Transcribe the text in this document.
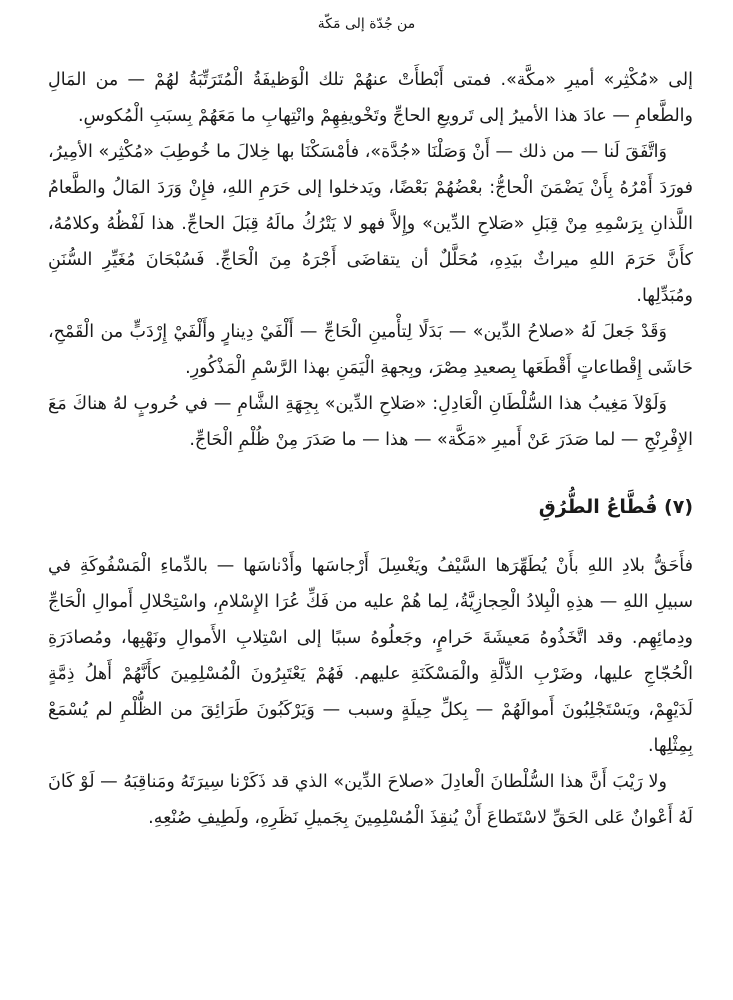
من جُدّة إلى مَكّة

إلى «مُكْثِر» أميرِ «مكَّة». فمتى أَبْطأَتْ عنهُمْ تلك الْوَظيفَةُ الْمُتَرَتِّبَةُ لهُمْ — من المَالِ والطَّعامِ — عادَ هذا الأميرُ إلى تَرويعِ الحاجِّ وتَخْويفِهِمْ وانْتِهابِ ما مَعَهُمْ بِسبَبِ الْمُكوسِ.

وَاتَّفَقَ لَنا — من ذلك — أَنْ وَصَلْنَا «جُدَّة»، فأمْسَكْنَا بها خِلالَ ما خُوطِبَ «مُكْثِر» الأمِيرُ، فورَدَ أَمْرُهُ بِأَنْ يَضْمَنَ الْحاجُّ: بعْضُهُمْ بَعْضًا، ويَدخلوا إلى حَرَمِ اللهِ، فإِنْ وَرَدَ المَالُ والطَّعامُ اللَّذانِ بِرَسْمِهِ مِنْ قِبَلِ «صَلاحِ الدِّين» وإِلاَّ فهو لا يَتْرُكُ مالَهُ قِبَلَ الحاجِّ. هذا لَفْظُهُ وكلامُهُ، كأَنَّ حَرَمَ اللهِ ميراثٌ بيَدِهِ، مُحَلَّلٌ أن يتقاضَى أَجْرَهُ مِنَ الْحَاجِّ. فَسُبْحَانَ مُغَيِّرِ السُّنَنِ ومُبَدِّلِها.

وَقَدْ جَعلَ لَهُ «صلاحُ الدِّين» — بَدَلًا لِتأْمينِ الْحَاجِّ — أَلْفَيْ دِينارٍ وأَلْفَيْ إِرْدَبٍّ من الْقَمْحِ، حَاشَى إِقْطاعاتٍ أَقْطَعَها بِصعيدِ مِصْرَ، وبِجهةِ الْيَمَنِ بهذا الرَّسْمِ الْمَذْكُورِ.

وَلَوْلاَ مَغِيبُ هذا السُّلْطَانِ الْعَادِلِ: «صَلاحِ الدِّين» بِجِهَةِ الشَّامِ — في حُروبٍ لهُ هناكَ مَعَ الإِفْرِنْجِ — لما صَدَرَ عَنْ أَميرِ «مَكَّة» — هذا — ما صَدَرَ مِنْ ظُلْمِ الْحَاجِّ.

(٧) قُطَّاعُ الطُّرُقِ

فأَحَقُّ بلادِ اللهِ بأَنْ يُطَهِّرَها السَّيْفُ ويَغْسِلَ أَرْجاسَها وأَدْناسَها — بالدِّماءِ الْمَسْفُوكَةِ في سبيلِ اللهِ — هذِهِ الْبِلادُ الْحِجازِيَّةُ، لِما هُمْ عليه من فَكِّ عُرَا الإِسْلامِ، واسْتِحْلالِ أَموالِ الْحَاجِّ ودِمائِهِم. وقد اتَّخَذُوهُ مَعيشَةَ حَرامٍ، وجَعلُوهُ سببًا إلى اسْتِلابِ الأَموالِ ونَهْبِها، ومُصادَرَةِ الْحُجّاجِ عليها، وضَرْبِ الذِّلَّةِ والْمَسْكَنَةِ عليهم. فَهُمْ يَعْتَبِرُونَ الْمُسْلِمِينَ كأَنَّهُمْ أَهلُ ذِمَّةٍ لَدَيْهِمْ، ويَسْتَجْلِبُونَ أَموالَهُمْ — بِكلِّ حِيلَةٍ وسبب — وَيَرْكَبُونَ طَرَائِقَ من الظُّلْمِ لم يُسْمَعْ بِمِثْلِها.

ولا رَيْبَ أَنَّ هذا السُّلْطانَ الْعادِلَ «صلاحَ الدِّين» الذي قد ذَكَرْنا سِيرَتَهُ ومَناقِبَهُ — لَوْ كَانَ لَهُ أَعْوانٌ عَلى الحَقِّ لاسْتَطاعَ أَنْ يُنقِذَ الْمُسْلِمِينَ بِجَميلِ نَظَرِهِ، ولَطِيفِ صُنْعِهِ.
